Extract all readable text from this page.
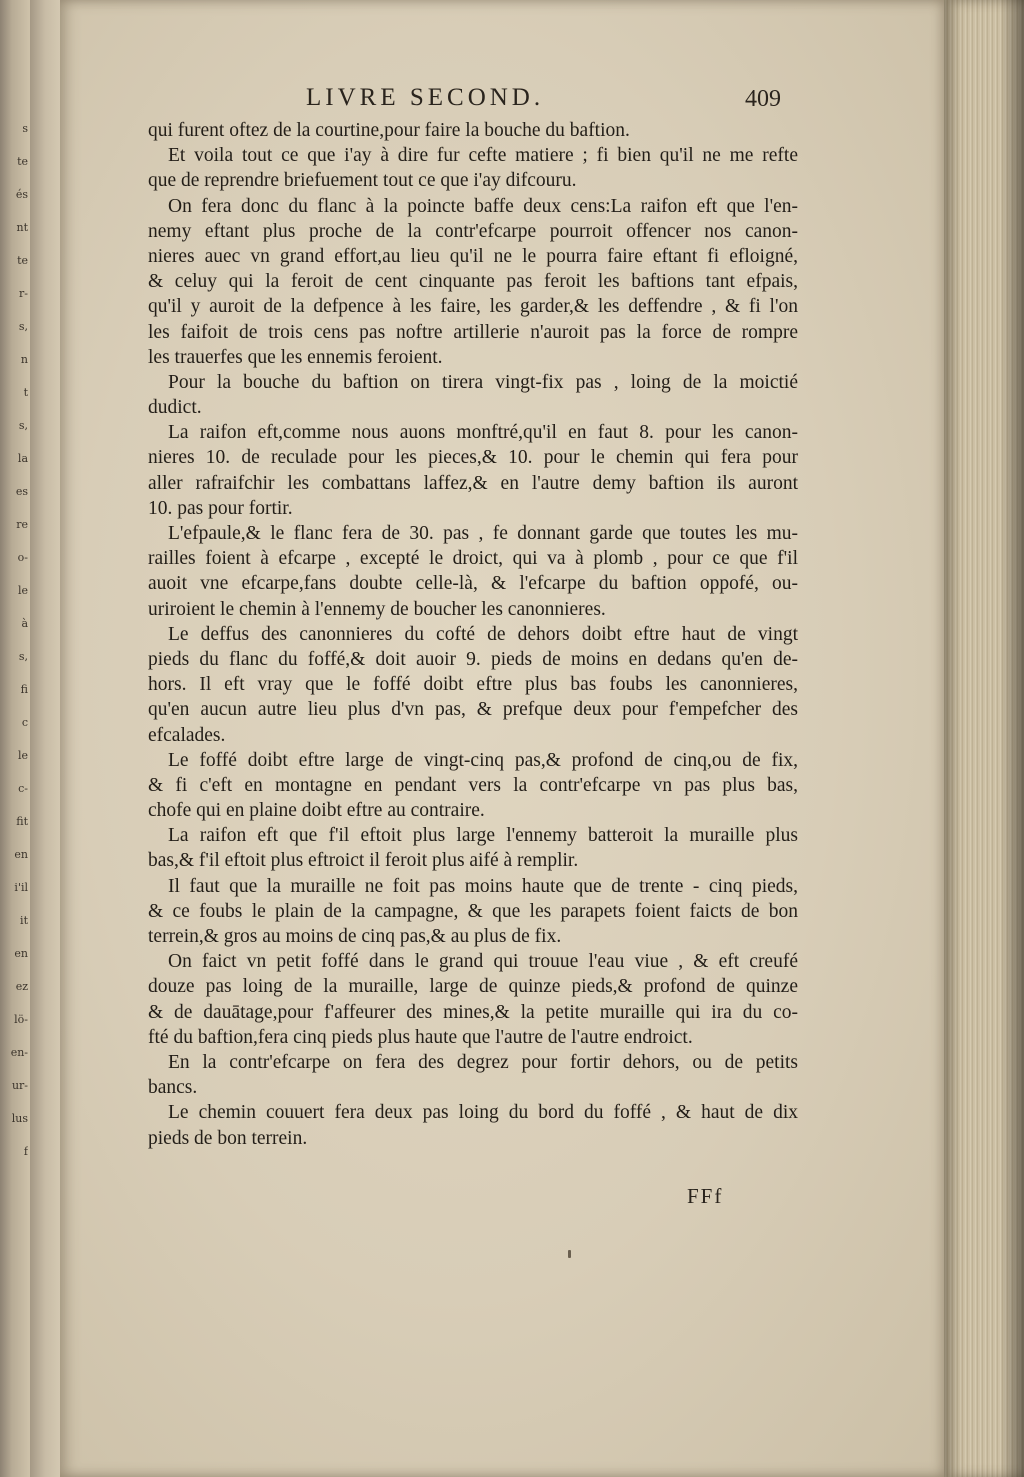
s
te
és
nt
te
r-
s,
n
t
s,
la
es
re
o-
le
à
s,
fi
c
le
c-
fit
en
i'il
it
en
ez
lö-
en-
ur-
lus
f
LIVRE SECOND.	409
qui furent oftez de la courtine,pour faire la bouche du baftion.
Et voila tout ce que i'ay à dire fur cefte matiere ; fi bien qu'il ne me refte
que de reprendre briefuement tout ce que i'ay difcouru.
On fera donc du flanc à la poincte baffe deux cens:La raifon eft que l'en-
nemy eftant plus proche de la contr'efcarpe pourroit offencer nos canon-
nieres auec vn grand effort,au lieu qu'il ne le pourra faire eftant fi efloigné,
& celuy qui la feroit de cent cinquante pas feroit les baftions tant efpais,
qu'il y auroit de la defpence à les faire, les garder,& les deffendre , & fi l'on
les faifoit de trois cens pas noftre artillerie n'auroit pas la force de rompre
les trauerfes que les ennemis feroient.
Pour la bouche du baftion on tirera vingt-fix pas , loing de la moictié
dudict.
La raifon eft,comme nous auons monftré,qu'il en faut 8. pour les canon-
nieres 10. de reculade pour les pieces,& 10. pour le chemin qui fera pour
aller rafraifchir les combattans laffez,& en l'autre demy baftion ils auront
10. pas pour fortir.
L'efpaule,& le flanc fera de 30. pas , fe donnant garde que toutes les mu-
railles foient à efcarpe , excepté le droict, qui va à plomb , pour ce que f'il
auoit vne efcarpe,fans doubte celle-là, & l'efcarpe du baftion oppofé, ou-
uriroient le chemin à l'ennemy de boucher les canonnieres.
Le deffus des canonnieres du cofté de dehors doibt eftre haut de vingt
pieds du flanc du foffé,& doit auoir 9. pieds de moins en dedans qu'en de-
hors. Il eft vray que le foffé doibt eftre plus bas foubs les canonnieres,
qu'en aucun autre lieu plus d'vn pas, & prefque deux pour f'empefcher des
efcalades.
Le foffé doibt eftre large de vingt-cinq pas,& profond de cinq,ou de fix,
& fi c'eft en montagne en pendant vers la contr'efcarpe vn pas plus bas,
chofe qui en plaine doibt eftre au contraire.
La raifon eft que f'il eftoit plus large l'ennemy batteroit la muraille plus
bas,& f'il eftoit plus eftroict il feroit plus aifé à remplir.
Il faut que la muraille ne foit pas moins haute que de trente - cinq pieds,
& ce foubs le plain de la campagne, & que les parapets foient faicts de bon
terrein,& gros au moins de cinq pas,& au plus de fix.
On faict vn petit foffé dans le grand qui trouue l'eau viue , & eft creufé
douze pas loing de la muraille, large de quinze pieds,& profond de quinze
& de dauātage,pour f'affeurer des mines,& la petite muraille qui ira du co-
fté du baftion,fera cinq pieds plus haute que l'autre de l'autre endroict.
En la contr'efcarpe on fera des degrez pour fortir dehors, ou de petits
bancs.
Le chemin couuert fera deux pas loing du bord du foffé , & haut de dix
pieds de bon terrein.
FFf
